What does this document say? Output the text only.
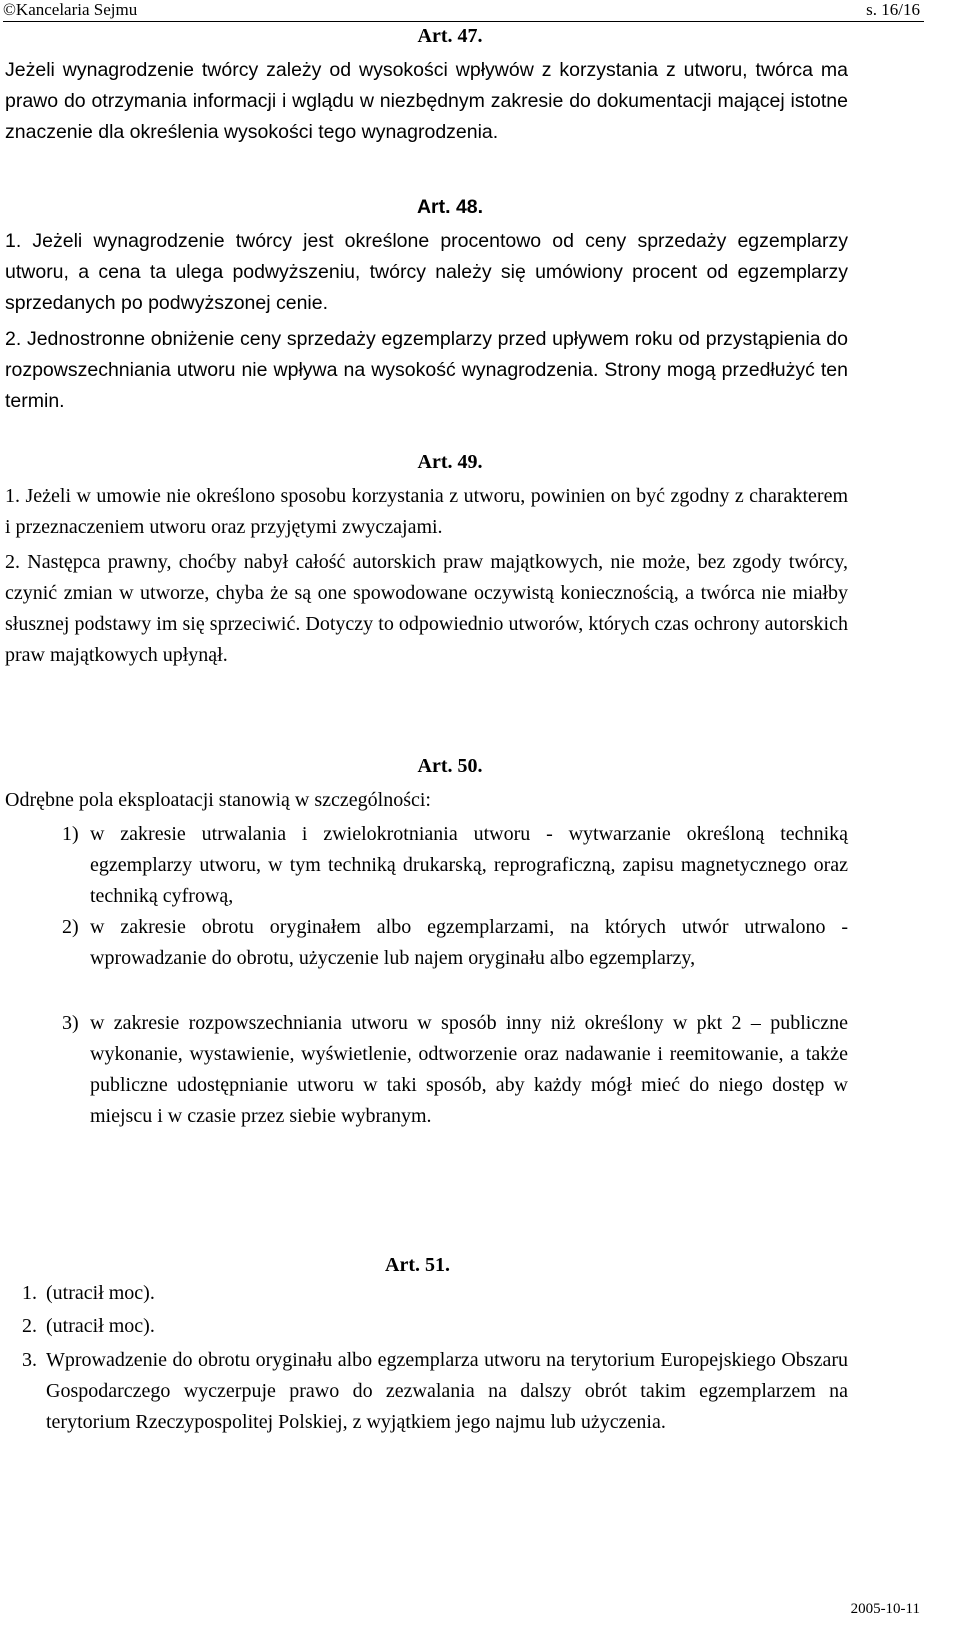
©Kancelaria Sejmu	s. 16/16
Art. 47.
Jeżeli wynagrodzenie twórcy zależy od wysokości wpływów z korzystania z utworu, twórca ma prawo do otrzymania informacji i wglądu w niezbędnym zakresie do dokumentacji mającej istotne znaczenie dla określenia wysokości tego wynagrodzenia.
Art. 48.
1. Jeżeli wynagrodzenie twórcy jest określone procentowo od ceny sprzedaży egzemplarzy utworu, a cena ta ulega podwyższeniu, twórcy należy się umówiony procent od egzemplarzy sprzedanych po podwyższonej cenie.
2. Jednostronne obniżenie ceny sprzedaży egzemplarzy przed upływem roku od przystąpienia do rozpowszechniania utworu nie wpływa na wysokość wynagrodzenia. Strony mogą przedłużyć ten termin.
Art. 49.
1. Jeżeli w umowie nie określono sposobu korzystania z utworu, powinien on być zgodny z charakterem i przeznaczeniem utworu oraz przyjętymi zwyczajami.
2. Następca prawny, choćby nabył całość autorskich praw majątkowych, nie może, bez zgody twórcy, czynić zmian w utworze, chyba że są one spowodowane oczywistą koniecznością, a twórca nie miałby słusznej podstawy im się sprzeciwić. Dotyczy to odpowiednio utworów, których czas ochrony autorskich praw majątkowych upłynął.
Art. 50.
Odrębne pola eksploatacji stanowią w szczególności:
1) w zakresie utrwalania i zwielokrotniania utworu - wytwarzanie określoną techniką egzemplarzy utworu, w tym techniką drukarską, reprograficzną, zapisu magnetycznego oraz techniką cyfrową,
2) w zakresie obrotu oryginałem albo egzemplarzami, na których utwór utrwalono - wprowadzanie do obrotu, użyczenie lub najem oryginału albo egzemplarzy,
3) w zakresie rozpowszechniania utworu w sposób inny niż określony w pkt 2 – publiczne wykonanie, wystawienie, wyświetlenie, odtworzenie oraz nadawanie i reemitowanie, a także publiczne udostępnianie utworu w taki sposób, aby każdy mógł mieć do niego dostęp w miejscu i w czasie przez siebie wybranym.
Art. 51.
1. (utracił moc).
2. (utracił moc).
3. Wprowadzenie do obrotu oryginału albo egzemplarza utworu na terytorium Europejskiego Obszaru Gospodarczego wyczerpuje prawo do zezwalania na dalszy obrót takim egzemplarzem na terytorium Rzeczypospolitej Polskiej, z wyjątkiem jego najmu lub użyczenia.
2005-10-11
